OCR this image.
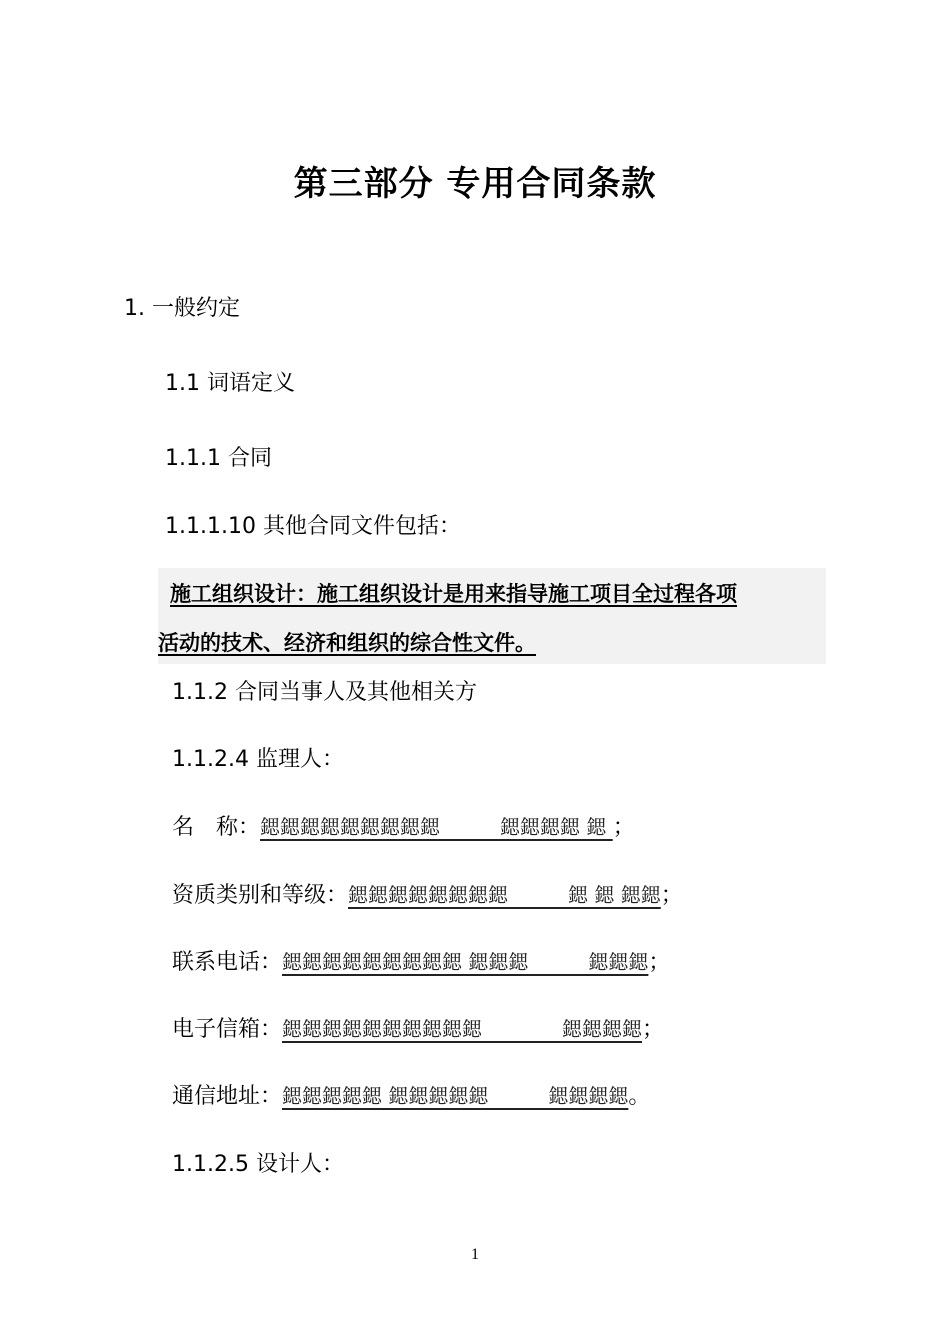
第三部分 专用合同条款
1. 一般约定
1.1 词语定义
1.1.1 合同
1.1.1.10 其他合同文件包括：
施工组织设计：施工组织设计是用来指导施工项目全过程各项
活动的技术、经济和组织的综合性文件。
1.1.2 合同当事人及其他相关方
1.1.2.4 监理人：
名　称：鍶鍶鍶鍶鍶鍶鍶鍶鍶　　　鍶鍶鍶鍶 鍶 ；
资质类别和等级：鍶鍶鍶鍶鍶鍶鍶鍶　　　鍶 鍶 鍶鍶；
联系电话：鍶鍶鍶鍶鍶鍶鍶鍶鍶 鍶鍶鍶　　　鍶鍶鍶；
电子信箱：鍶鍶鍶鍶鍶鍶鍶鍶鍶鍶　　　　鍶鍶鍶鍶；
通信地址：鍶鍶鍶鍶鍶 鍶鍶鍶鍶鍶　　　鍶鍶鍶鍶。
1.1.2.5 设计人：
1
